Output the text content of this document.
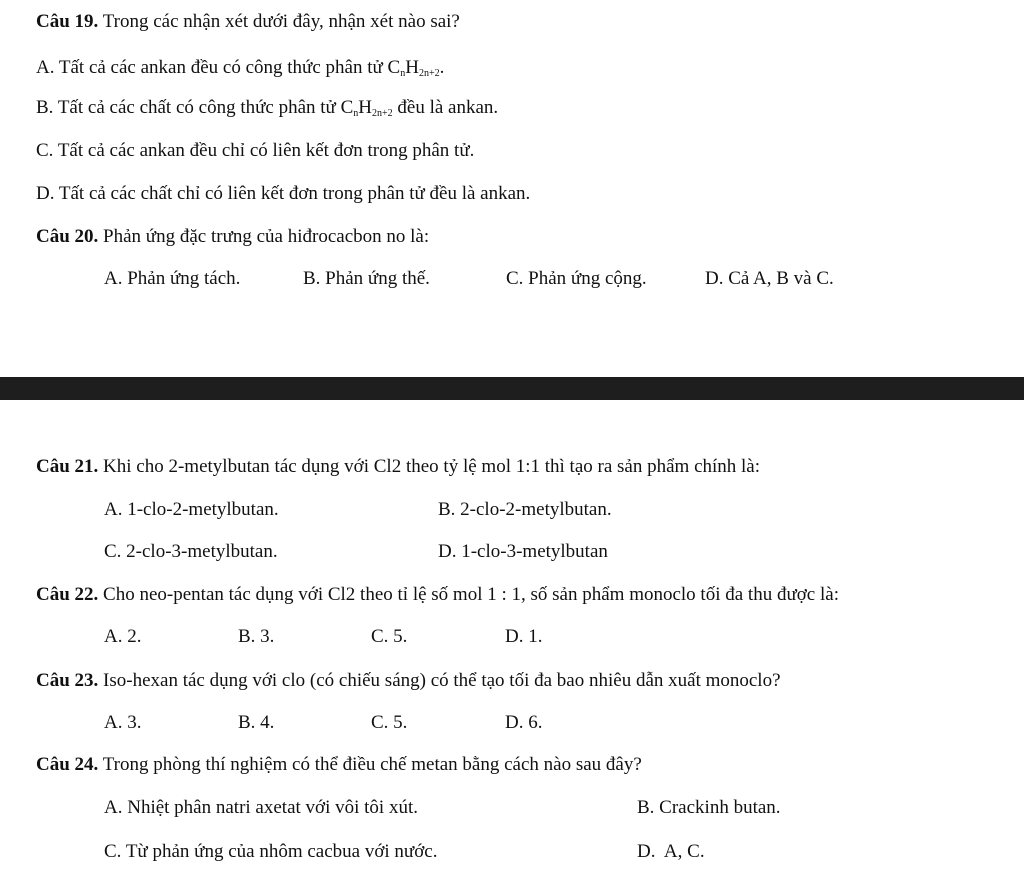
Câu 19. Trong các nhận xét dưới đây, nhận xét nào sai?
A. Tất cả các ankan đều có công thức phân tử $C_nH_{2n+2}$.
B. Tất cả các chất có công thức phân tử $C_nH_{2n+2}$ đều là ankan.
C. Tất cả các ankan đều chỉ có liên kết đơn trong phân tử.
D. Tất cả các chất chỉ có liên kết đơn trong phân tử đều là ankan.
Câu 20. Phản ứng đặc trưng của hiđrocacbon no là:
A. Phản ứng tách.	B. Phản ứng thế.	C. Phản ứng cộng.	D. Cả A, B và C.
Câu 21. Khi cho 2-metylbutan tác dụng với Cl2 theo tỷ lệ mol 1:1 thì tạo ra sản phẩm chính là:
A. 1-clo-2-metylbutan.	B. 2-clo-2-metylbutan.
C. 2-clo-3-metylbutan.	D. 1-clo-3-metylbutan
Câu 22. Cho neo-pentan tác dụng với Cl2 theo tỉ lệ số mol 1 : 1, số sản phẩm monoclo tối đa thu được là:
A. 2.	B. 3.	C. 5.	D. 1.
Câu 23. Iso-hexan tác dụng với clo (có chiếu sáng) có thể tạo tối đa bao nhiêu dẫn xuất monoclo?
A. 3.	B. 4.	C. 5.	D. 6.
Câu 24. Trong phòng thí nghiệm có thể điều chế metan bằng cách nào sau đây?
A. Nhiệt phân natri axetat với vôi tôi xút.	B. Crackinh butan.
C. Từ phản ứng của nhôm cacbua với nước.	D.  A, C.
